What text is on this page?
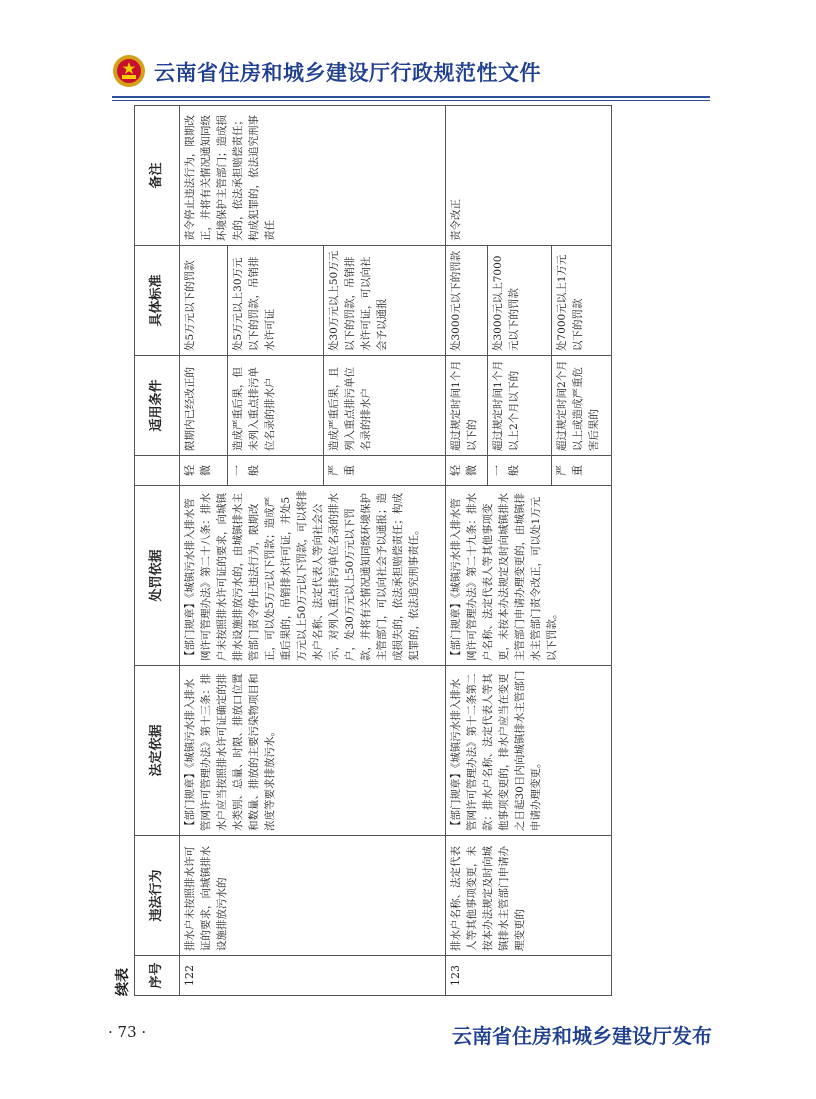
云南省住房和城乡建设厅行政规范性文件
续表 序号	违法行为	法定依据	处罚依据		适用条件	具体标准	备注
122	排水户未按照排水许可证的要求，向城镇排水设施排放污水的	【部门规章】《城镇污水排入排水管网许可管理办法》第十三条：排水户应当按照排水许可证确定的排水类别、总量、时限、排放口位置和数量、排放的主要污染物项目和浓度等要求排放污水。	【部门规章】《城镇污水排入排水管网许可管理办法》第二十八条：排水户未按照排水许可证的要求，向城镇排水设施排放污水的，由城镇排水主管部门责令停止违法行为，限期改正，可以处5万元以下罚款；造成严重后果的，吊销排水许可证，并处5万元以上50万元以下罚款，可以将排水户名称、法定代表人等向社会公示，对列入重点排污单位名录的排水户，处30万元以上50万元以下罚款，并将有关情况通知同级环境保护主管部门，可以向社会予以通报；造成损失的，依法承担赔偿责任；构成犯罪的，依法追究刑事责任。	轻微	限期内已经改正的	处5万元以下的罚款	责令停止违法行为，限期改正，并将有关情况通知同级环境保护主管部门；造成损失的，依法承担赔偿责任；构成犯罪的，依法追究刑事责任
				一般	造成严重后果，但未列入重点排污单位名录的排水户	处5万元以上30万元以下的罚款，吊销排水许可证	
				严重	造成严重后果，且列入重点排污单位名录的排水户	处30万元以上50万元以下的罚款，吊销排水许可证，可以向社会予以通报	
123	排水户名称、法定代表人等其他事项变更，未按本办法规定及时向城镇排水主管部门申请办理变更的	【部门规章】《城镇污水排入排水管网许可管理办法》第十二条第二款：排水户名称、法定代表人等其他事项变更的，排水户应当在变更之日起30日内向城镇排水主管部门申请办理变更。	【部门规章】《城镇污水排入排水管网许可管理办法》第二十九条：排水户名称、法定代表人等其他事项变更，未按本办法规定及时向城镇排水主管部门申请办理变更的，由城镇排水主管部门责令改正，可以处1万元以下罚款。	轻微	超过规定时间1个月以下的	处3000元以下的罚款	责令改正
				一般	超过规定时间1个月以上2个月以下的	处3000元以上7000元以下的罚款	
				严重	超过规定时间2个月以上或造成严重危害后果的	处7000元以上1万元以下的罚款	
· 73 ·	云南省住房和城乡建设厅发布
